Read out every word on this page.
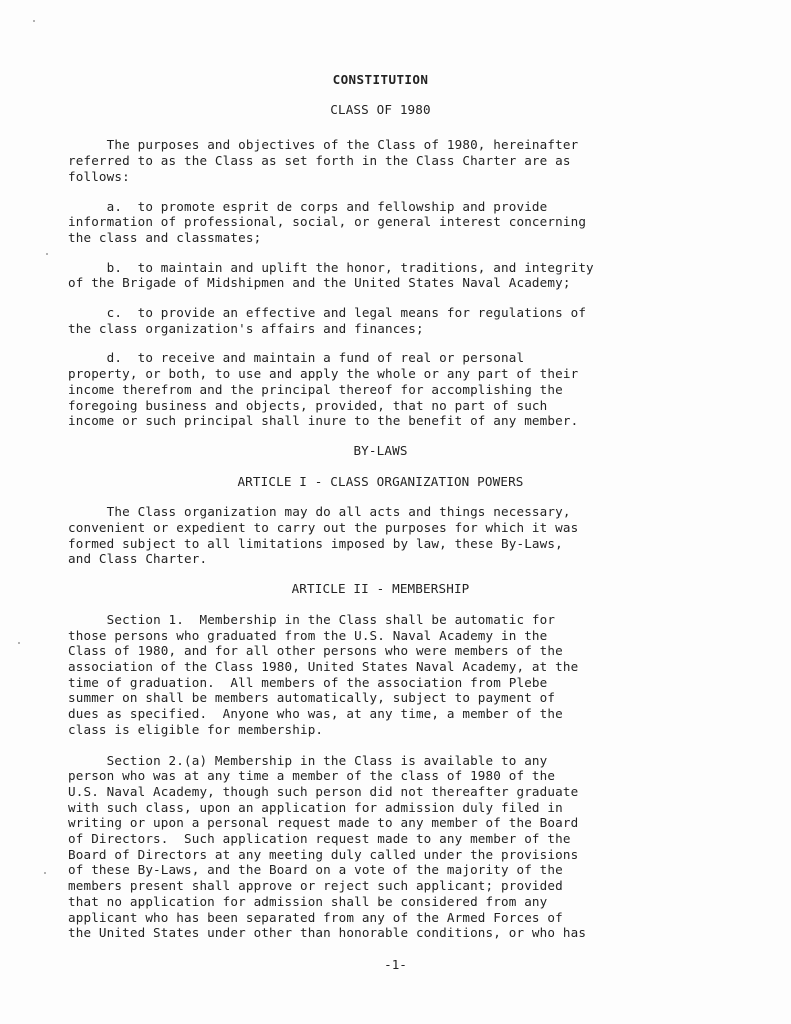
CONSTITUTION
CLASS OF 1980

The purposes and objectives of the Class of 1980, hereinafter
referred to as the Class as set forth in the Class Charter are as
follows:

a.  to promote esprit de corps and fellowship and provide
information of professional, social, or general interest concerning
the class and classmates;

b.  to maintain and uplift the honor, traditions, and integrity
of the Brigade of Midshipmen and the United States Naval Academy;

c.  to provide an effective and legal means for regulations of
the class organization's affairs and finances;

d.  to receive and maintain a fund of real or personal
property, or both, to use and apply the whole or any part of their
income therefrom and the principal thereof for accomplishing the
foregoing business and objects, provided, that no part of such
income or such principal shall inure to the benefit of any member.

BY-LAWS
ARTICLE I - CLASS ORGANIZATION POWERS

The Class organization may do all acts and things necessary,
convenient or expedient to carry out the purposes for which it was
formed subject to all limitations imposed by law, these By-Laws,
and Class Charter.

ARTICLE II - MEMBERSHIP

Section 1.  Membership in the Class shall be automatic for
those persons who graduated from the U.S. Naval Academy in the
Class of 1980, and for all other persons who were members of the
association of the Class 1980, United States Naval Academy, at the
time of graduation.  All members of the association from Plebe
summer on shall be members automatically, subject to payment of
dues as specified.  Anyone who was, at any time, a member of the
class is eligible for membership.

Section 2.(a) Membership in the Class is available to any
person who was at any time a member of the class of 1980 of the
U.S. Naval Academy, though such person did not thereafter graduate
with such class, upon an application for admission duly filed in
writing or upon a personal request made to any member of the Board
of Directors.  Such application request made to any member of the
Board of Directors at any meeting duly called under the provisions
of these By-Laws, and the Board on a vote of the majority of the
members present shall approve or reject such applicant; provided
that no application for admission shall be considered from any
applicant who has been separated from any of the Armed Forces of
the United States under other than honorable conditions, or who has

-1-
